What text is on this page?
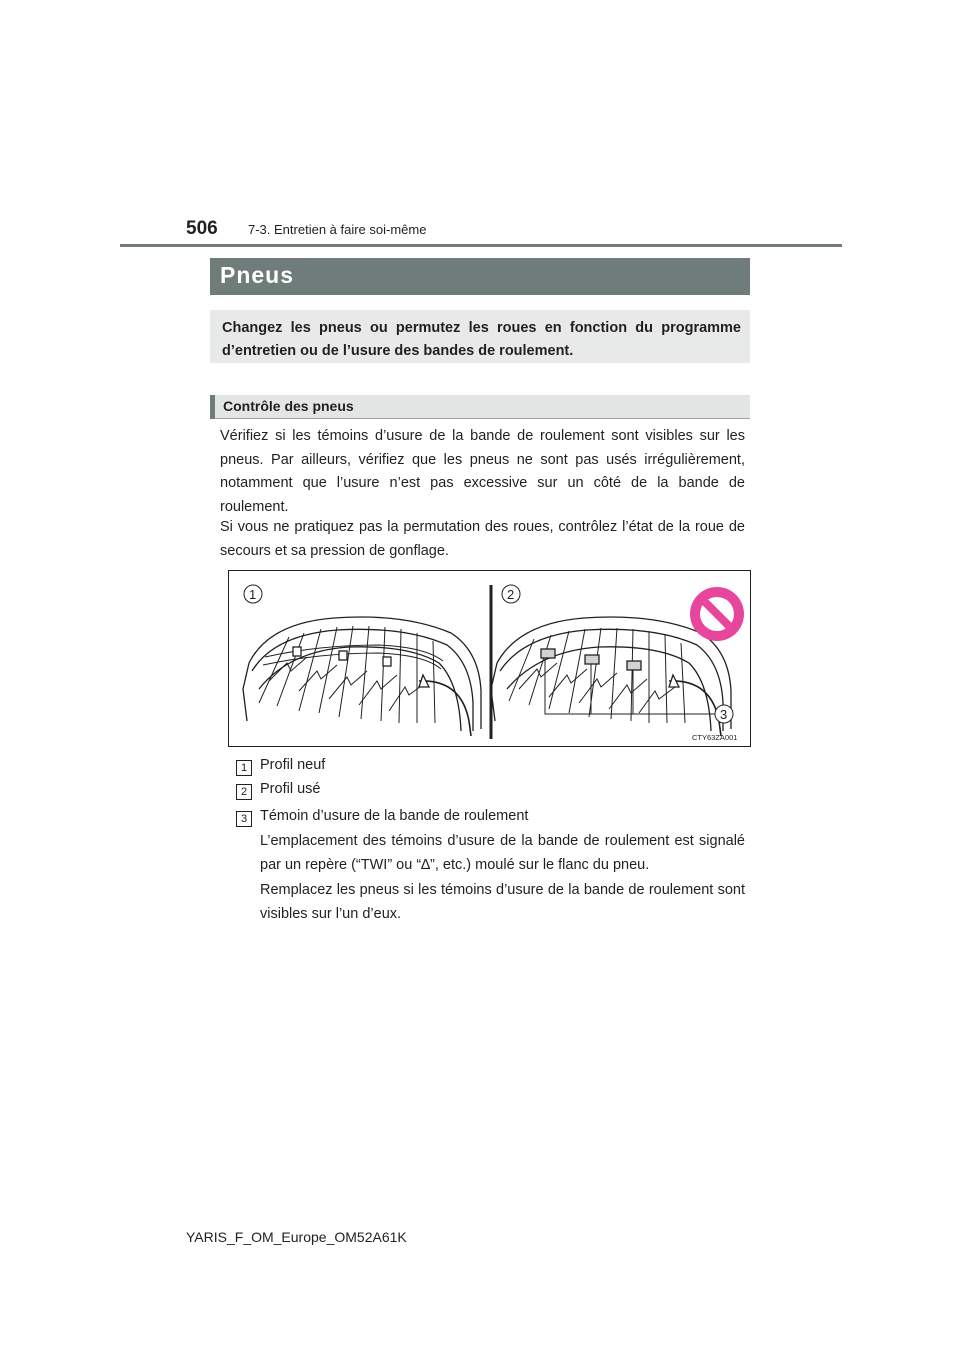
506 7-3. Entretien à faire soi-même
Pneus

Changez les pneus ou permutez les roues en fonction du programme d’entretien ou de l’usure des bandes de roulement.

Contrôle des pneus

Vérifiez si les témoins d’usure de la bande de roulement sont visibles sur les pneus. Par ailleurs, vérifiez que les pneus ne sont pas usés irrégulièrement, notamment que l’usure n’est pas excessive sur un côté de la bande de roulement.

Si vous ne pratiquez pas la permutation des roues, contrôlez l’état de la roue de secours et sa pression de gonflage.

1	2
3
CTY63ZA001
1 Profil neuf
2 Profil usé
3 Témoin d’usure de la bande de roulement

L’emplacement des témoins d’usure de la bande de roulement est signalé par un repère (“TWI” ou “∆”, etc.) moulé sur le flanc du pneu.

Remplacez les pneus si les témoins d’usure de la bande de roulement sont visibles sur l’un d’eux.

YARIS_F_OM_Europe_OM52A61K
